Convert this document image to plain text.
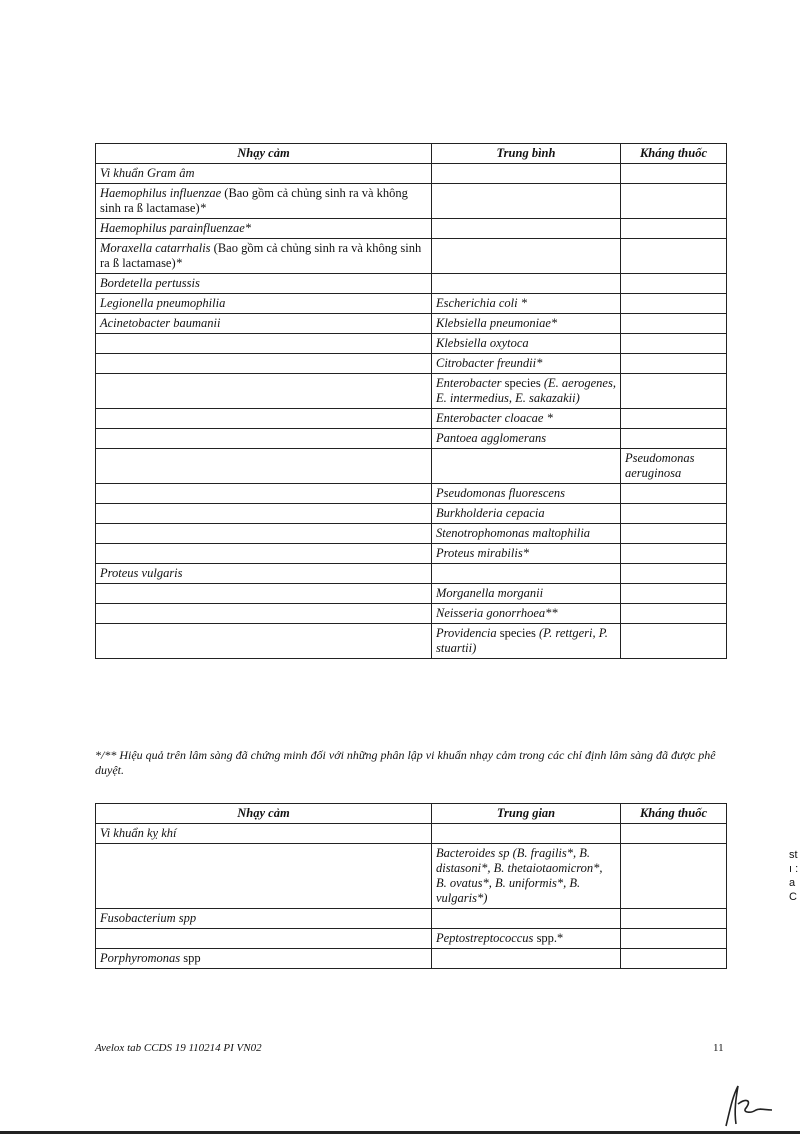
Nhạy cảm	Trung bình	Kháng thuốc
Vi khuẩn Gram âm		
Haemophilus influenzae (Bao gồm cả chủng sinh ra và không sinh ra ß lactamase)*		
Haemophilus parainfluenzae*		
Moraxella catarrhalis (Bao gồm cả chủng sinh ra và không sinh ra ß lactamase)*		
Bordetella pertussis		
Legionella pneumophilia	Escherichia coli *	
Acinetobacter baumanii	Klebsiella pneumoniae*	
	Klebsiella oxytoca	
	Citrobacter freundii*	
	Enterobacter species (E. aerogenes, E. intermedius, E. sakazakii)	
	Enterobacter cloacae *	
	Pantoea agglomerans	
		Pseudomonas aeruginosa
	Pseudomonas fluorescens	
	Burkholderia cepacia	
	Stenotrophomonas maltophilia	
	Proteus mirabilis*	
Proteus vulgaris		
	Morganella morganii	
	Neisseria gonorrhoea**	
	Providencia species (P. rettgeri, P. stuartii)	
*/** Hiệu quả trên lâm sàng đã chứng minh đối với những phân lập vi khuẩn nhạy cảm trong các chỉ định lâm sàng đã được phê duyệt.
Nhạy cảm	Trung gian	Kháng thuốc
Vi khuẩn kỵ khí		
	Bacteroides sp (B. fragilis*, B. distasoni*, B. thetaiotaomicron*, B. ovatus*, B. uniformis*, B. vulgaris*)	
Fusobacterium spp		
	Peptostreptococcus spp.*	
Porphyromonas spp		
Avelox tab CCDS 19 110214 PI VN02	11
st
ı :
a
C
